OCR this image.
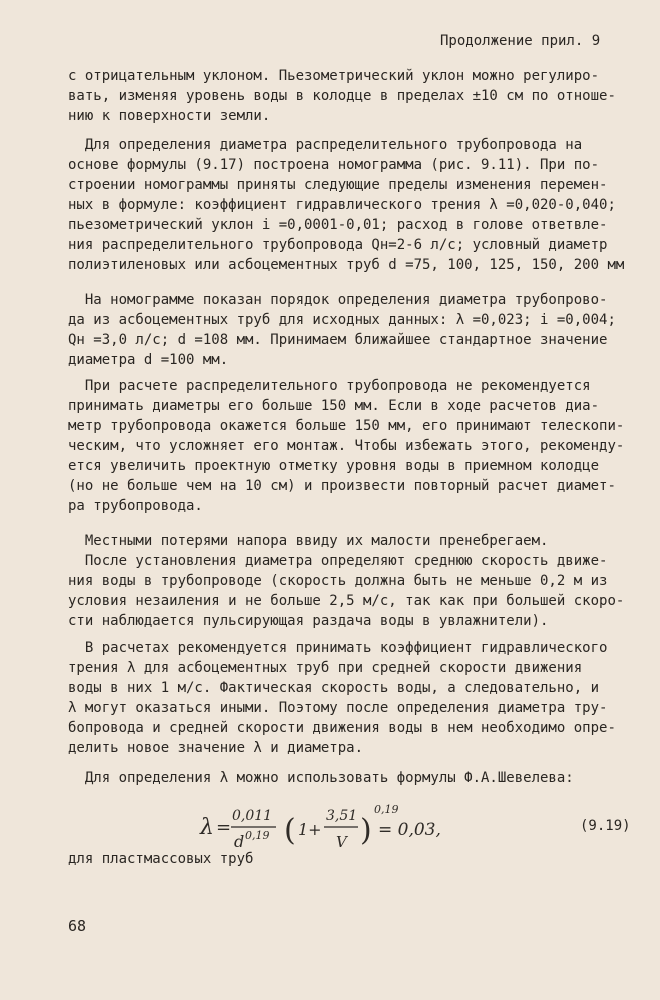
Продолжение прил. 9
с отрицательным уклоном. Пьезометрический уклон можно регулиро-
вать, изменяя уровень воды в колодце в пределах ±10 см по отноше-
нию к поверхности земли.
Для определения диаметра распределительного трубопровода на
основе формулы (9.17) построена номограмма (рис. 9.11). При по-
строении номограммы приняты следующие пределы изменения перемен-
ных в формуле: коэффициент гидравлического трения λ =0,020-0,040;
пьезометрический уклон i =0,0001-0,01; расход в голове ответвле-
ния распределительного трубопровода Qн=2-6 л/с; условный диаметр
полиэтиленовых или асбоцементных труб d =75, 100, 125, 150, 200 мм
На номограмме показан порядок определения диаметра трубопрово-
да из асбоцементных труб для исходных данных: λ =0,023; i =0,004;
Qн =3,0 л/с; d =108 мм. Принимаем ближайшее стандартное значение
диаметра d =100 мм.
При расчете распределительного трубопровода не рекомендуется
принимать диаметры его больше 150 мм. Если в ходе расчетов диа-
метр трубопровода окажется больше 150 мм, его принимают телескопи-
ческим, что усложняет его монтаж. Чтобы избежать этого, рекоменду-
ется увеличить проектную отметку уровня воды в приемном колодце
(но не больше чем на 10 см) и произвести повторный расчет диамет-
ра трубопровода.
Местными потерями напора ввиду их малости пренебрегаем.
После установления диаметра определяют среднюю скорость движе-
ния воды в трубопроводе (скорость должна быть не меньше 0,2 м из
условия незаиления и не больше 2,5 м/с, так как при большей скоро-
сти наблюдается пульсирующая раздача воды в увлажнители).
В расчетах рекомендуется принимать коэффициент гидравлического
трения λ для асбоцементных труб при средней скорости движения
воды в них 1 м/с. Фактическая скорость воды, а следовательно, и
λ могут оказаться иными. Поэтому после определения диаметра тру-
бопровода и средней скорости движения воды в нем необходимо опре-
делить новое значение λ и диаметра.
Для определения λ можно использовать формулы Ф.А.Шевелева:
λ =
0,011
d 0,19 ( 1+
3,51
V )
0,19
= 0,03,	(9.19)
для пластмассовых труб
68
